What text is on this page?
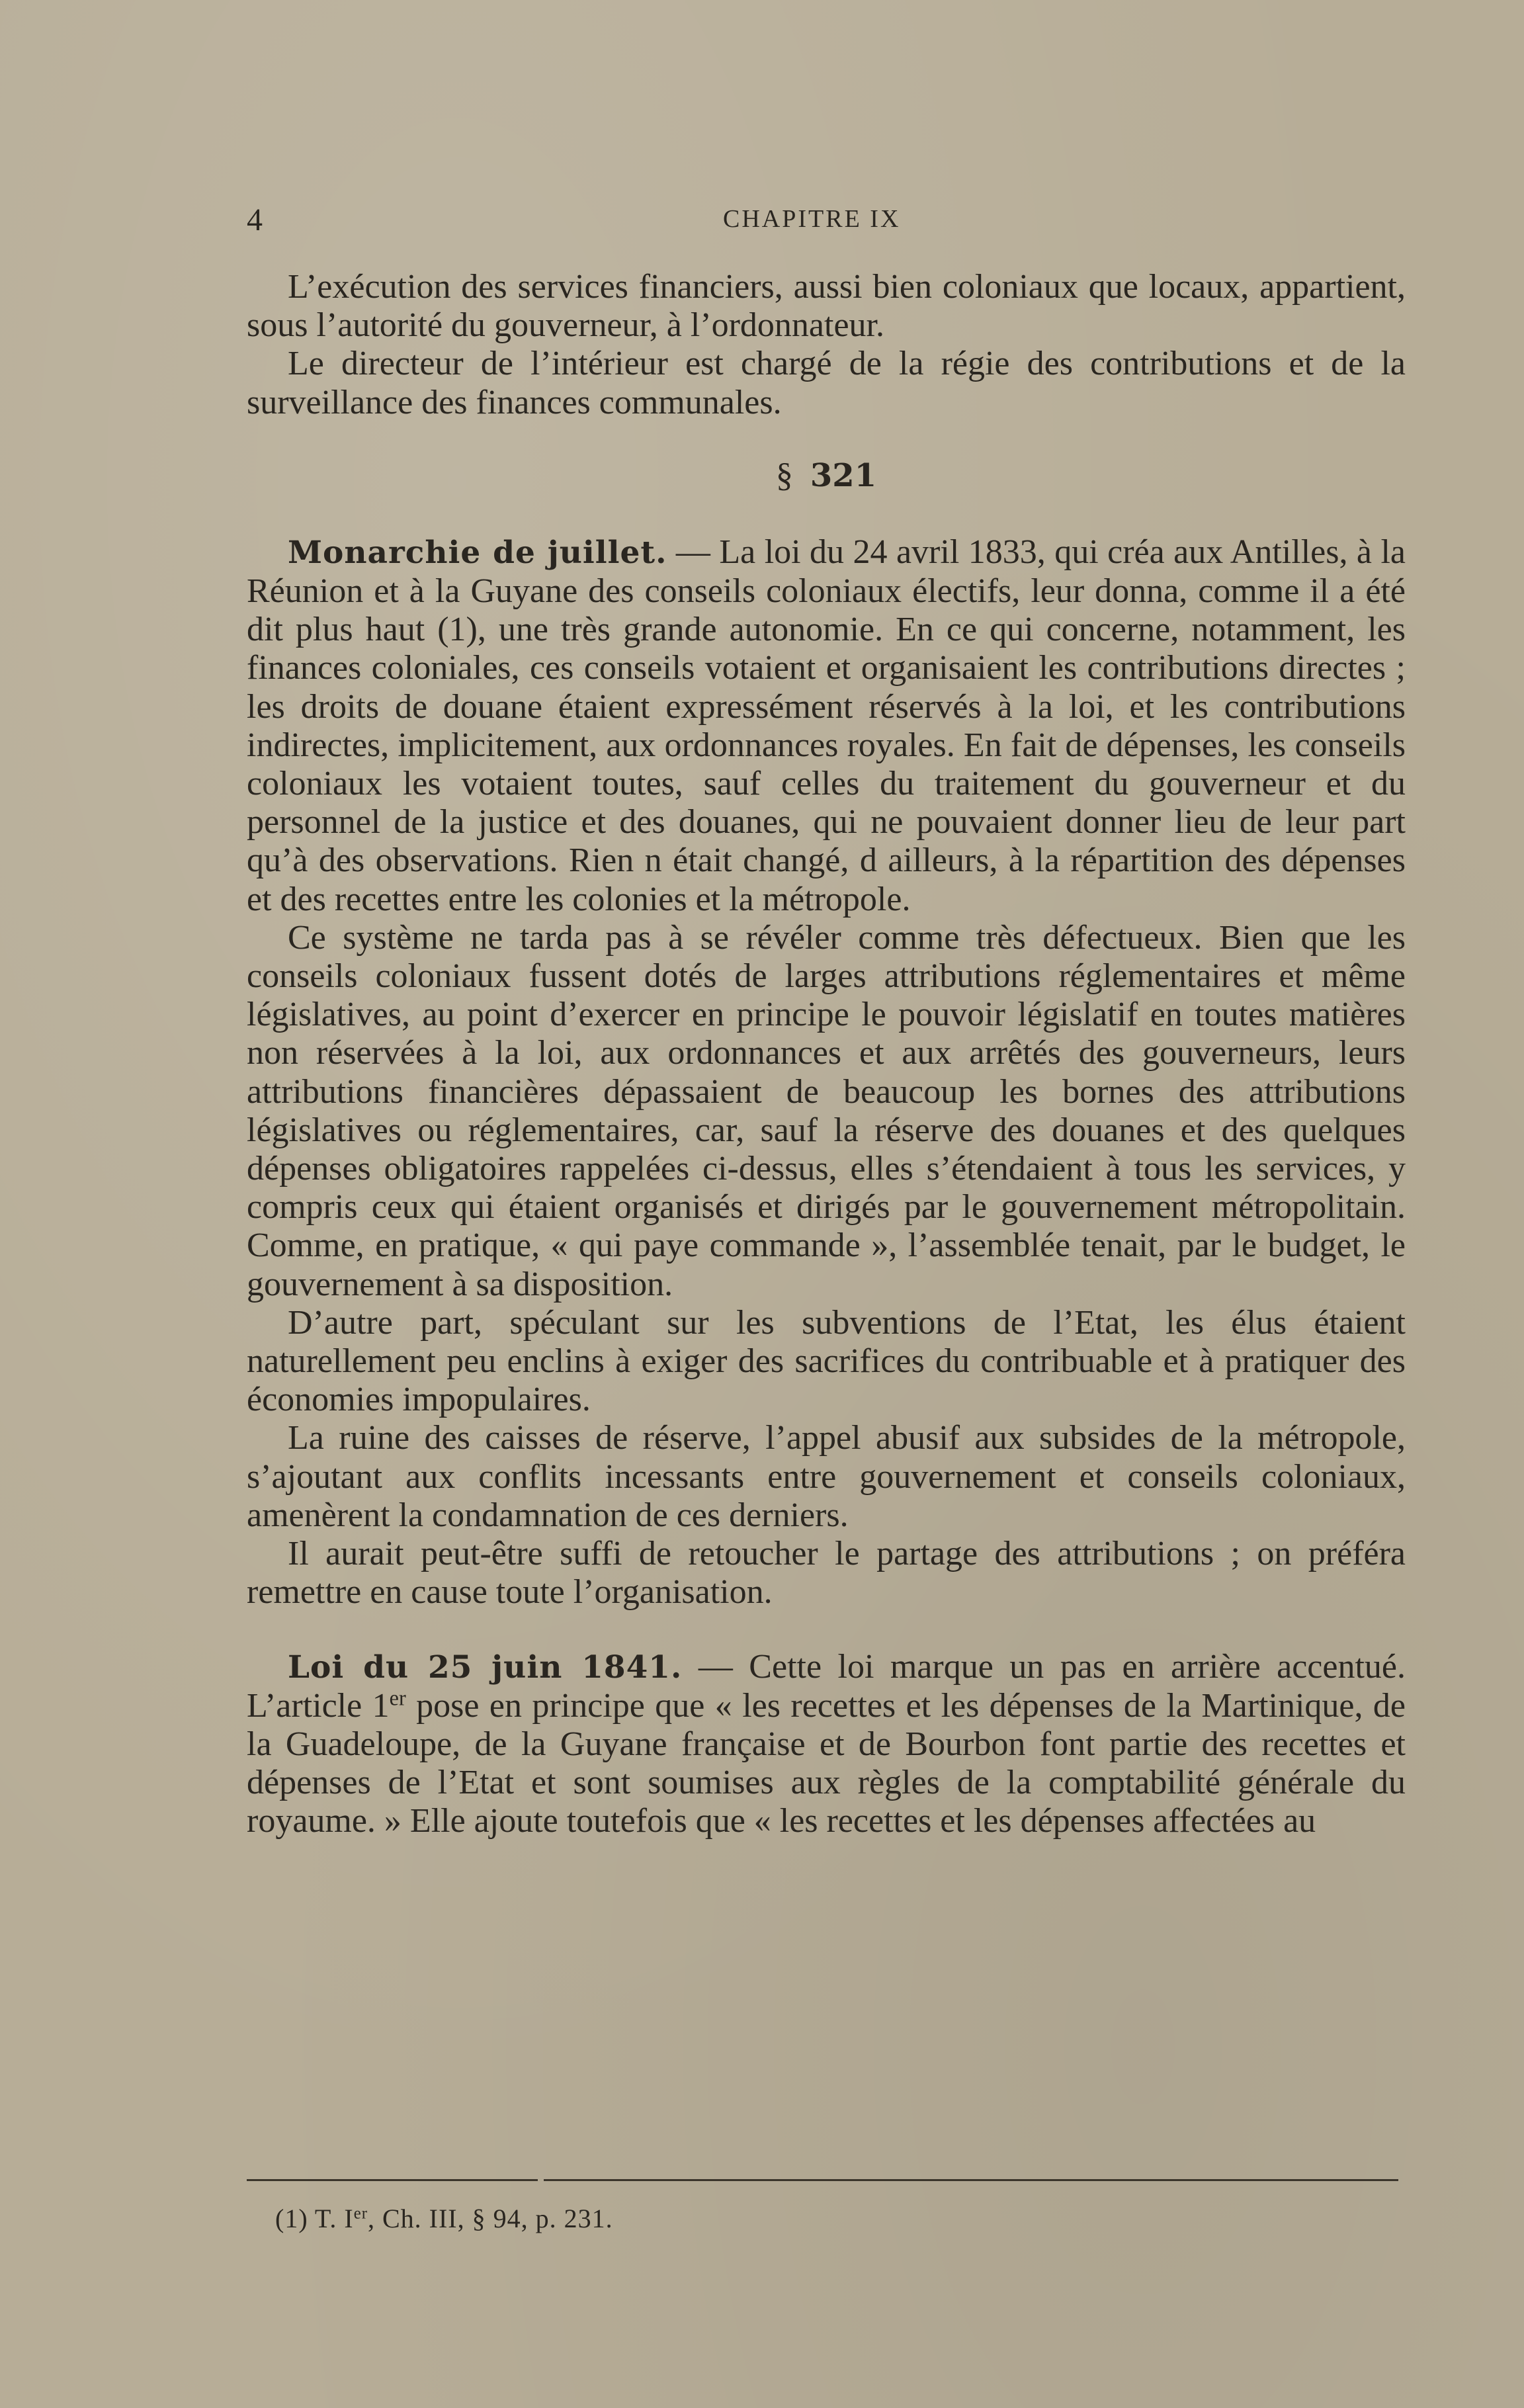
4	CHAPITRE IX

L’exécution des services financiers, aussi bien coloniaux que locaux, appartient, sous l’autorité du gouverneur, à l’ordonnateur.

Le directeur de l’intérieur est chargé de la régie des contributions et de la surveillance des finances communales.

§ 321

Monarchie de juillet. — La loi du 24 avril 1833, qui créa aux Antilles, à la Réunion et à la Guyane des conseils coloniaux électifs, leur donna, comme il a été dit plus haut (1), une très grande autonomie. En ce qui concerne, notamment, les finances coloniales, ces conseils votaient et organisaient les contributions directes ; les droits de douane étaient expressément réservés à la loi, et les contributions indirectes, implicitement, aux ordonnances royales. En fait de dépenses, les conseils coloniaux les votaient toutes, sauf celles du traitement du gouverneur et du personnel de la justice et des douanes, qui ne pouvaient donner lieu de leur part qu’à des observations. Rien n était changé, d ailleurs, à la répartition des dépenses et des recettes entre les colonies et la métropole.

Ce système ne tarda pas à se révéler comme très défectueux. Bien que les conseils coloniaux fussent dotés de larges attributions réglementaires et même législatives, au point d’exercer en principe le pouvoir législatif en toutes matières non réservées à la loi, aux ordonnances et aux arrêtés des gouverneurs, leurs attributions financières dépassaient de beaucoup les bornes des attributions législatives ou réglementaires, car, sauf la réserve des douanes et des quelques dépenses obligatoires rappelées ci-dessus, elles s’étendaient à tous les services, y compris ceux qui étaient organisés et dirigés par le gouvernement métropolitain. Comme, en pratique, « qui paye commande », l’assemblée tenait, par le budget, le gouvernement à sa disposition.

D’autre part, spéculant sur les subventions de l’Etat, les élus étaient naturellement peu enclins à exiger des sacrifices du contribuable et à pratiquer des économies impopulaires.

La ruine des caisses de réserve, l’appel abusif aux subsides de la métropole, s’ajoutant aux conflits incessants entre gouvernement et conseils coloniaux, amenèrent la condamnation de ces derniers.

Il aurait peut-être suffi de retoucher le partage des attributions ; on préféra remettre en cause toute l’organisation.

Loi du 25 juin 1841. — Cette loi marque un pas en arrière accentué. L’article 1er pose en principe que « les recettes et les dépenses de la Martinique, de la Guadeloupe, de la Guyane française et de Bourbon font partie des recettes et dépenses de l’Etat et sont soumises aux règles de la comptabilité générale du royaume. » Elle ajoute toutefois que « les recettes et les dépenses affectées au

(1) T. Ier, Ch. III, § 94, p. 231.
